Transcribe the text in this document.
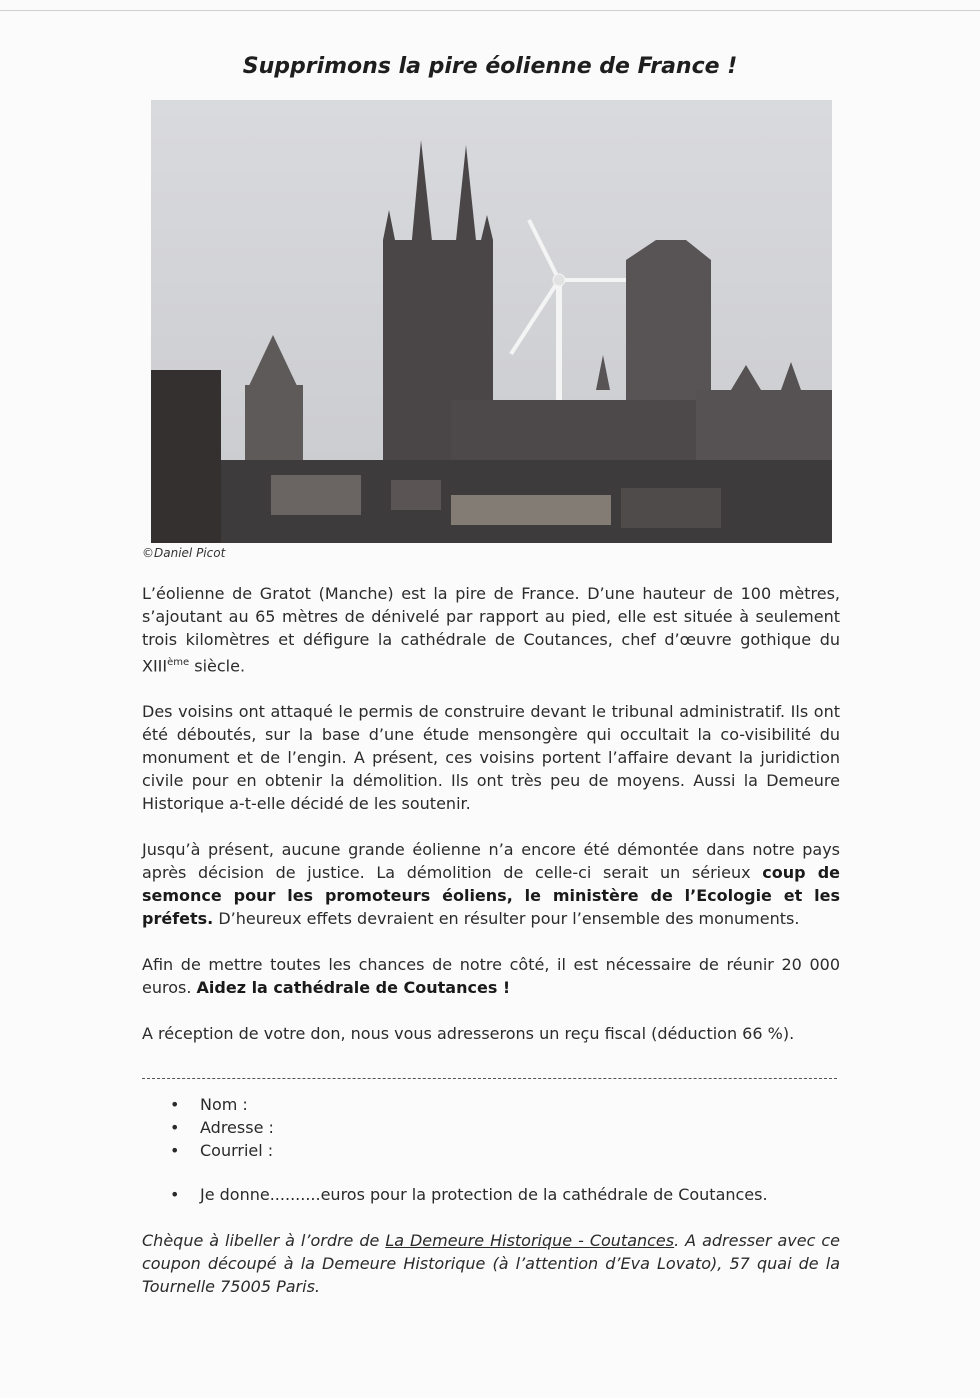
Supprimons la pire éolienne de France !
©Daniel Picot

L’éolienne de Gratot (Manche) est la pire de France. D’une hauteur de 100 mètres, s’ajoutant au 65 mètres de dénivelé par rapport au pied, elle est située à seulement trois kilomètres et défigure la cathédrale de Coutances, chef d’œuvre gothique du XIIIème siècle.

Des voisins ont attaqué le permis de construire devant le tribunal administratif. Ils ont été déboutés, sur la base d’une étude mensongère qui occultait la co-visibilité du monument et de l’engin. A présent, ces voisins portent l’affaire devant la juridiction civile pour en obtenir la démolition. Ils ont très peu de moyens. Aussi la Demeure Historique a-t-elle décidé de les soutenir.

Jusqu’à présent, aucune grande éolienne n’a encore été démontée dans notre pays après décision de justice. La démolition de celle-ci serait un sérieux coup de semonce pour les promoteurs éoliens, le ministère de l’Ecologie et les préfets. D’heureux effets devraient en résulter pour l’ensemble des monuments.

Afin de mettre toutes les chances de notre côté, il est nécessaire de réunir 20 000 euros. Aidez la cathédrale de Coutances !

A réception de votre don, nous vous adresserons un reçu fiscal (déduction 66 %).

• Nom :
• Adresse :
• Courriel :
• Je donne..........euros pour la protection de la cathédrale de Coutances.

Chèque à libeller à l’ordre de La Demeure Historique - Coutances. A adresser avec ce coupon découpé à la Demeure Historique (à l’attention d’Eva Lovato), 57 quai de la Tournelle 75005 Paris.
